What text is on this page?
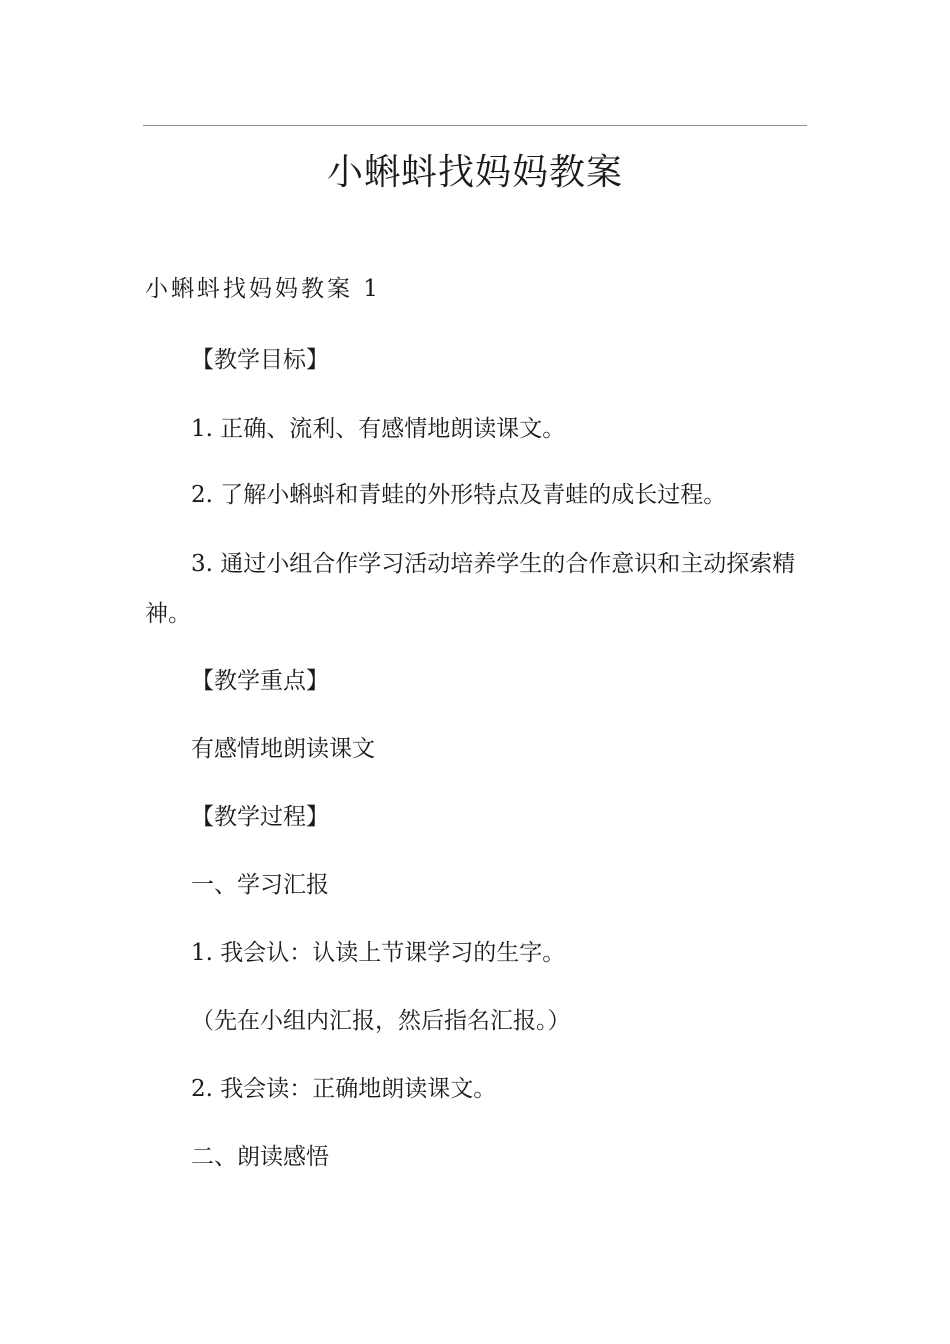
小蝌蚪找妈妈教案
小蝌蚪找妈妈教案 1
【教学目标】
1. 正确、流利、有感情地朗读课文。
2. 了解小蝌蚪和青蛙的外形特点及青蛙的成长过程。
3. 通过小组合作学习活动培养学生的合作意识和主动探索精神。
【教学重点】
有感情地朗读课文
【教学过程】
一、学习汇报
1. 我会认：认读上节课学习的生字。
（先在小组内汇报，然后指名汇报。）
2. 我会读：正确地朗读课文。
二、朗读感悟
